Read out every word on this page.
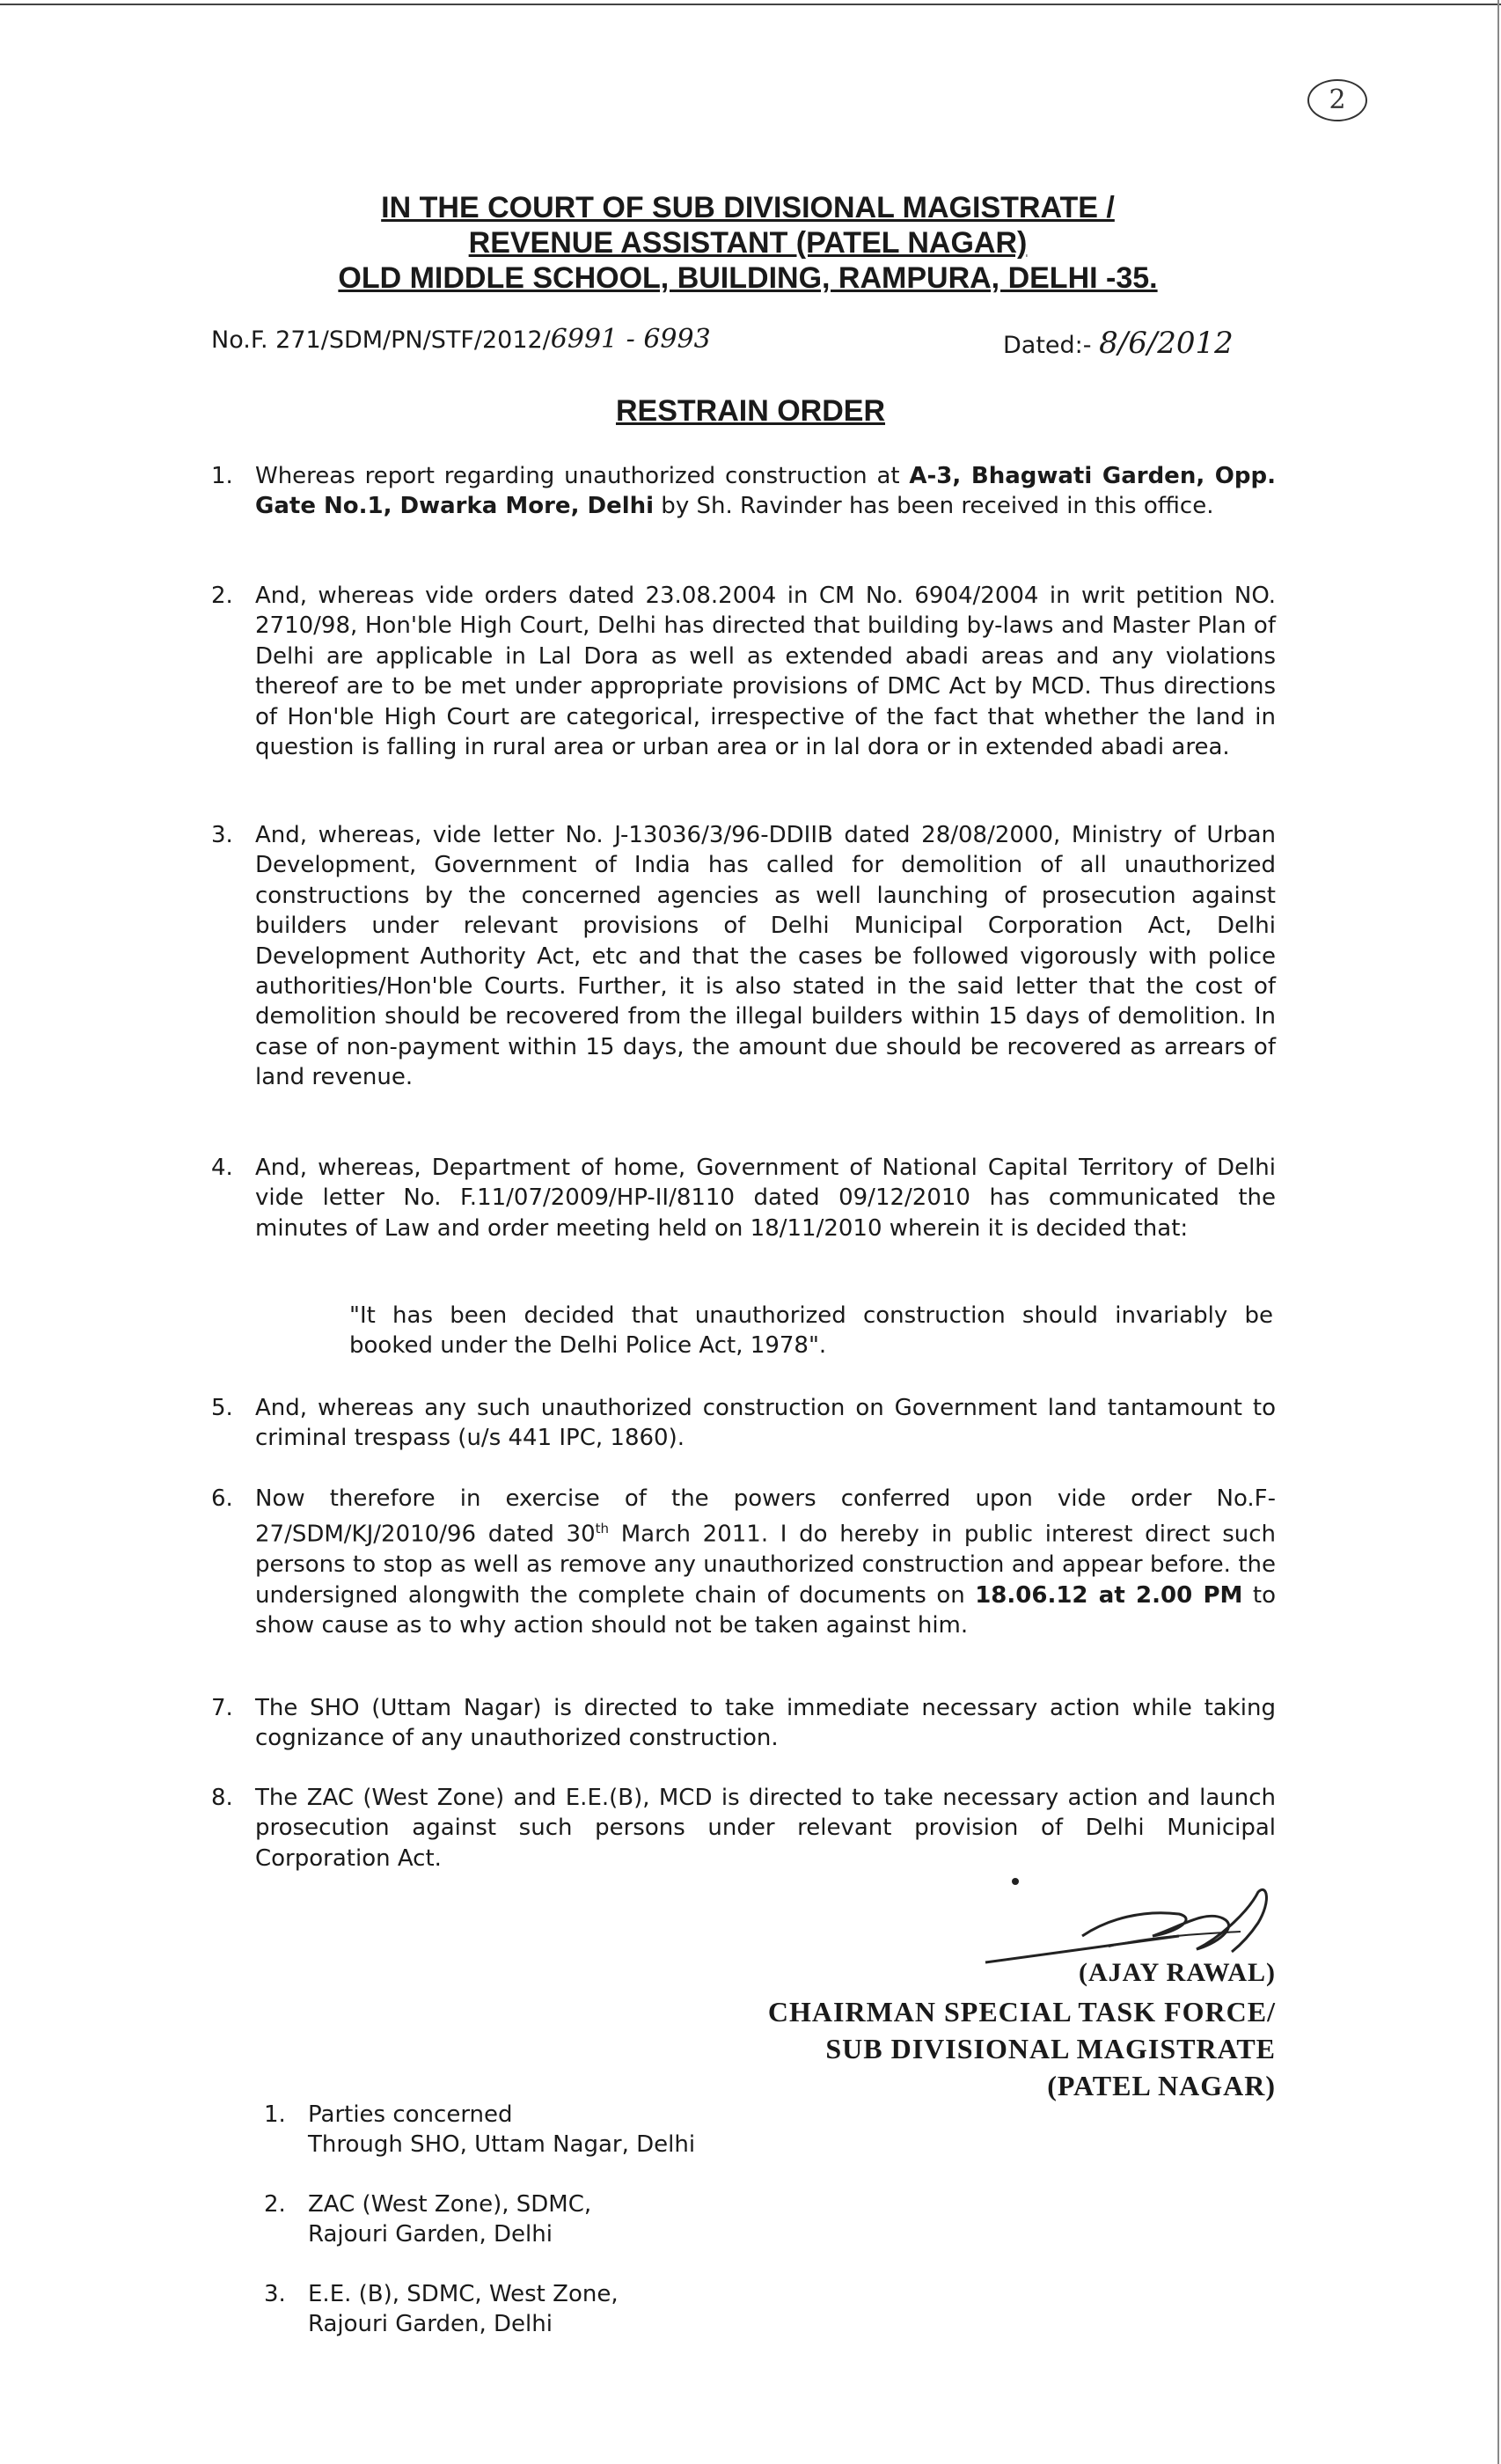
2
IN THE COURT OF SUB DIVISIONAL MAGISTRATE /
REVENUE ASSISTANT (PATEL NAGAR)
OLD MIDDLE SCHOOL, BUILDING, RAMPURA, DELHI -35.
No.F. 271/SDM/PN/STF/2012/6991 - 6993	Dated:- 8/6/2012
RESTRAIN ORDER
1. Whereas report regarding unauthorized construction at A-3, Bhagwati Garden, Opp. Gate No.1, Dwarka More, Delhi by Sh. Ravinder has been received in this office.
2. And, whereas vide orders dated 23.08.2004 in CM No. 6904/2004 in writ petition NO. 2710/98, Hon'ble High Court, Delhi has directed that building by-laws and Master Plan of Delhi are applicable in Lal Dora as well as extended abadi areas and any violations thereof are to be met under appropriate provisions of DMC Act by MCD. Thus directions of Hon'ble High Court are categorical, irrespective of the fact that whether the land in question is falling in rural area or urban area or in lal dora or in extended abadi area.
3. And, whereas, vide letter No. J-13036/3/96-DDIIB dated 28/08/2000, Ministry of Urban Development, Government of India has called for demolition of all unauthorized constructions by the concerned agencies as well launching of prosecution against builders under relevant provisions of Delhi Municipal Corporation Act, Delhi Development Authority Act, etc and that the cases be followed vigorously with police authorities/Hon'ble Courts. Further, it is also stated in the said letter that the cost of demolition should be recovered from the illegal builders within 15 days of demolition. In case of non-payment within 15 days, the amount due should be recovered as arrears of land revenue.
4. And, whereas, Department of home, Government of National Capital Territory of Delhi vide letter No. F.11/07/2009/HP-II/8110 dated 09/12/2010 has communicated the minutes of Law and order meeting held on 18/11/2010 wherein it is decided that:
"It has been decided that unauthorized construction should invariably be booked under the Delhi Police Act, 1978".
5. And, whereas any such unauthorized construction on Government land tantamount to criminal trespass (u/s 441 IPC, 1860).
6. Now therefore in exercise of the powers conferred upon vide order No.F-27/SDM/KJ/2010/96 dated 30th March 2011. I do hereby in public interest direct such persons to stop as well as remove any unauthorized construction and appear before. the undersigned alongwith the complete chain of documents on 18.06.12 at 2.00 PM to show cause as to why action should not be taken against him.
7. The SHO (Uttam Nagar) is directed to take immediate necessary action while taking cognizance of any unauthorized construction.
8. The ZAC (West Zone) and E.E.(B), MCD is directed to take necessary action and launch prosecution against such persons under relevant provision of Delhi Municipal Corporation Act.
(AJAY RAWAL)
CHAIRMAN SPECIAL TASK FORCE/
SUB DIVISIONAL MAGISTRATE
(PATEL NAGAR)
1. Parties concerned
Through SHO, Uttam Nagar, Delhi
2. ZAC (West Zone), SDMC,
Rajouri Garden, Delhi
3. E.E. (B), SDMC, West Zone,
Rajouri Garden, Delhi
